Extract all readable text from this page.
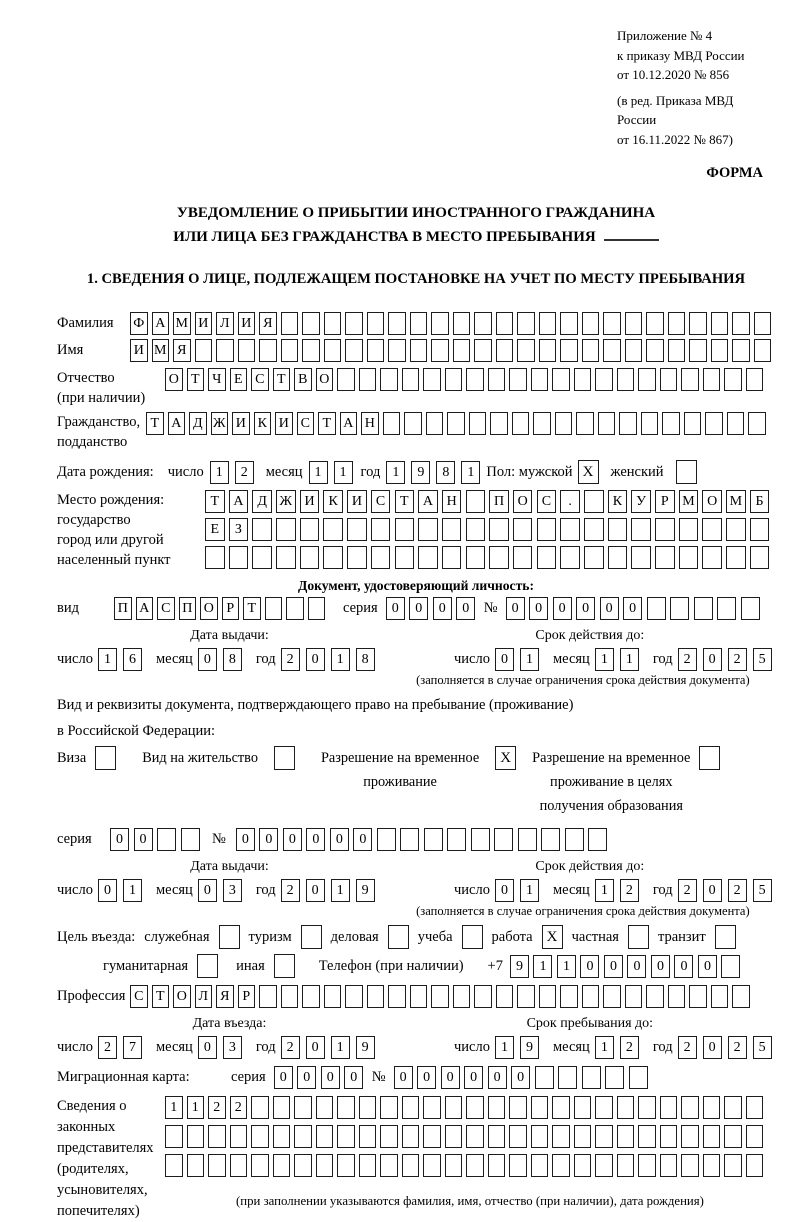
Приложение № 4
к приказу МВД России
от 10.12.2020 № 856
(в ред. Приказа МВД России
от 16.11.2022 № 867)
ФОРМА
УВЕДОМЛЕНИЕ О ПРИБЫТИИ ИНОСТРАННОГО ГРАЖДАНИНА
ИЛИ ЛИЦА БЕЗ ГРАЖДАНСТВА В МЕСТО ПРЕБЫВАНИЯ
1. СВЕДЕНИЯ О ЛИЦЕ, ПОДЛЕЖАЩЕМ ПОСТАНОВКЕ НА УЧЕТ ПО МЕСТУ ПРЕБЫВАНИЯ
Фамилия	Ф А М И Л И Я
Имя	И М Я
Отчество
(при наличии)
О Т Ч Е С Т В О
Гражданство,
подданство
Т А Д Ж И К И С Т А Н
Дата рождения: число 1	2	месяц 1	1 год 1	9	8	1 Пол: мужской X	женский
Место рождения:
государство
город или другой
населенный пункт
Т	А Д Ж И К И С	Т	А Н	П О С	.	К	У	Р М О М Б

Е	З

Документ, удостоверяющий личность:
вид	П А С П О Р Т	серия	0	0	0	0	№	0	0	0	0	0	0
Дата выдачи:
число 1	6	месяц 0	8	год 2	0	1	8
Срок действия до:
число 0	1	месяц 1	1	год 2	0	2	5
(заполняется в случае ограничения срока действия документа)
Вид и реквизиты документа, подтверждающего право на пребывание (проживание)
в Российской Федерации:
Виза	Вид на жительство	Разрешение на временное
проживание
X	Разрешение на временное
проживание в целях
получения образования
серия	0	0	№	0	0	0	0	0	0
Дата выдачи:
число 0	1	месяц 0	3	год 2	0	1	9
Срок действия до:
число 0	1	месяц 1	2	год 2	0	2	5
(заполняется в случае ограничения срока действия документа)
Цель въезда: служебная	туризм	деловая	учеба	работа X частная	транзит
гуманитарная	иная	Телефон (при наличии) +7 9	1	1	0	0	0	0	0	0
Профессия С Т О Л Я Р
Дата въезда:
число 2	7	месяц 0	3	год 2	0	1	9
Срок пребывания до:
число 1	9	месяц 1	2	год 2	0	2	5
Миграционная карта:	серия	0	0	0	0	№	0	0	0	0	0	0
Сведения о
законных
представителях
(родителях,
усыновителях,
попечителях)
1	1	2	2

(при заполнении указываются фамилия, имя, отчество (при наличии), дата рождения)
